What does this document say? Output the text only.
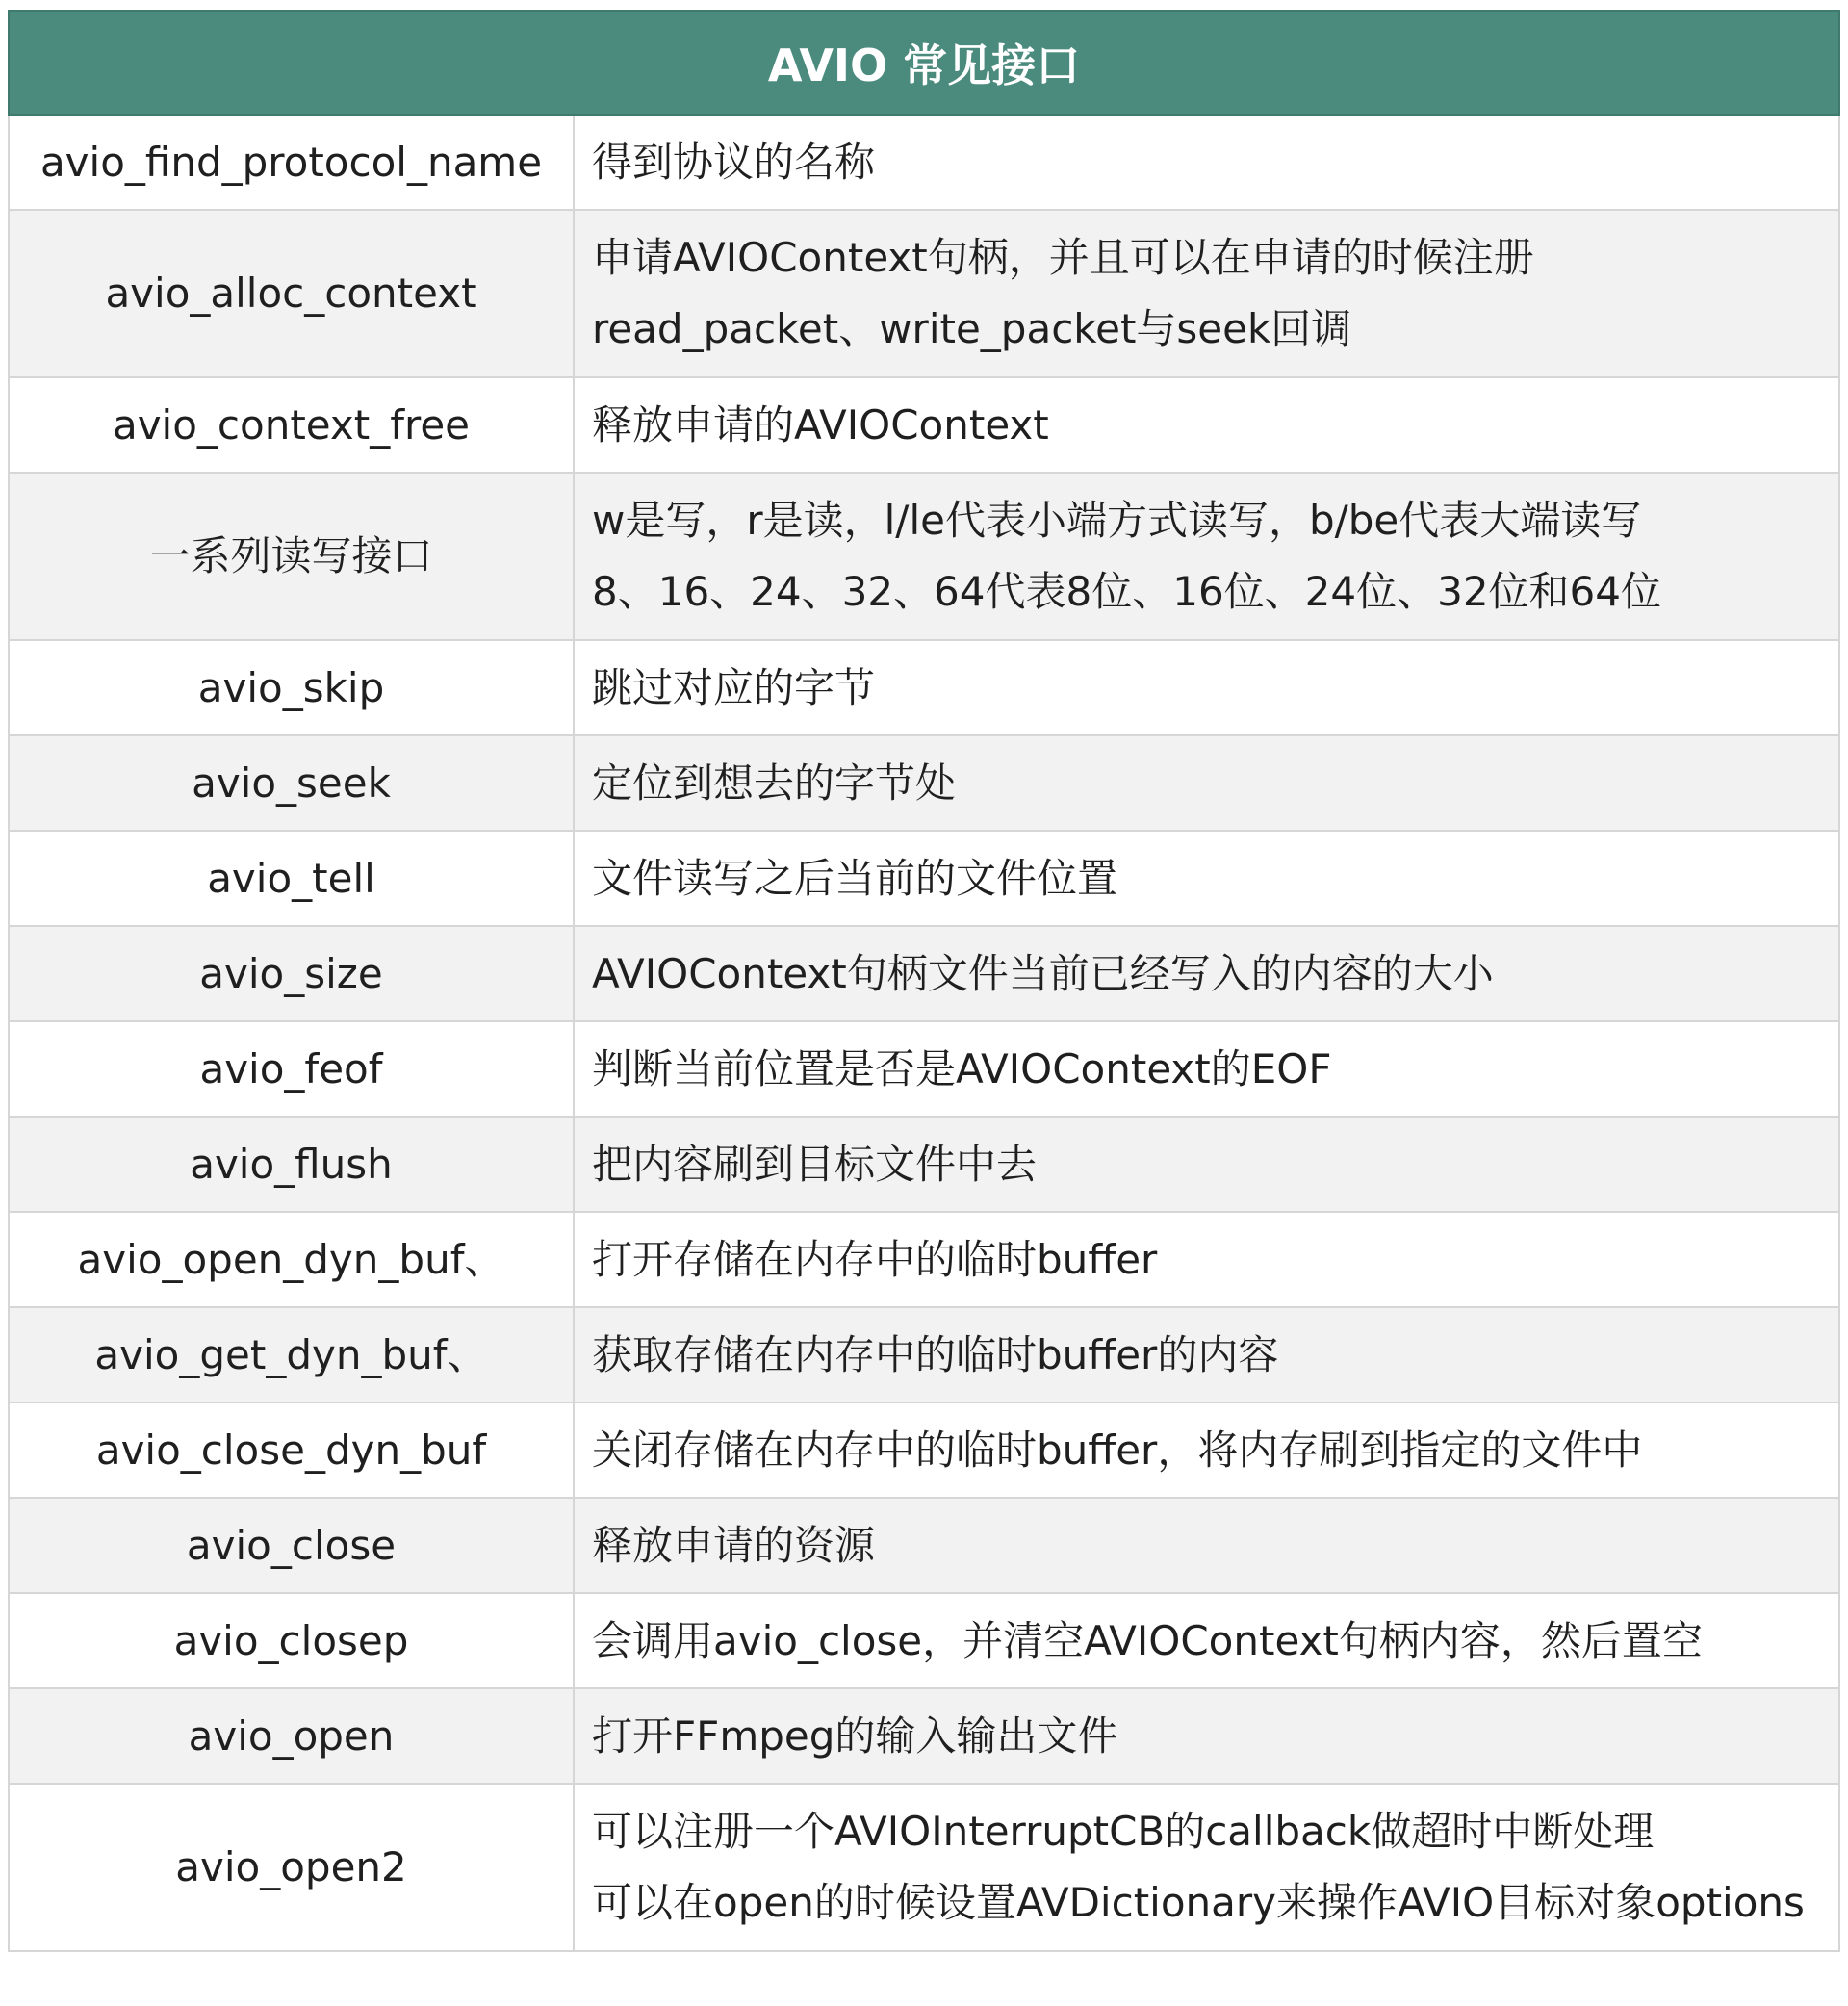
AVIO 常见接口	
avio_find_protocol_name	得到协议的名称

avio_alloc_context	申请AVIOContext句柄，并且可以在申请的时候注册
read_packet、write_packet与seek回调

avio_context_free	释放申请的AVIOContext

一系列读写接口	w是写，r是读，l/le代表小端方式读写，b/be代表大端读写
8、16、24、32、64代表8位、16位、24位、32位和64位

avio_skip	跳过对应的字节

avio_seek	定位到想去的字节处

avio_tell	文件读写之后当前的文件位置

avio_size	AVIOContext句柄文件当前已经写入的内容的大小

avio_feof	判断当前位置是否是AVIOContext的EOF

avio_flush	把内容刷到目标文件中去

avio_open_dyn_buf、	打开存储在内存中的临时buffer

avio_get_dyn_buf、	获取存储在内存中的临时buffer的内容

avio_close_dyn_buf	关闭存储在内存中的临时buffer，将内存刷到指定的文件中

avio_close	释放申请的资源

avio_closep	会调用avio_close，并清空AVIOContext句柄内容，然后置空

avio_open	打开FFmpeg的输入输出文件

avio_open2	可以注册一个AVIOInterruptCB的callback做超时中断处理
可以在open的时候设置AVDictionary来操作AVIO目标对象options
